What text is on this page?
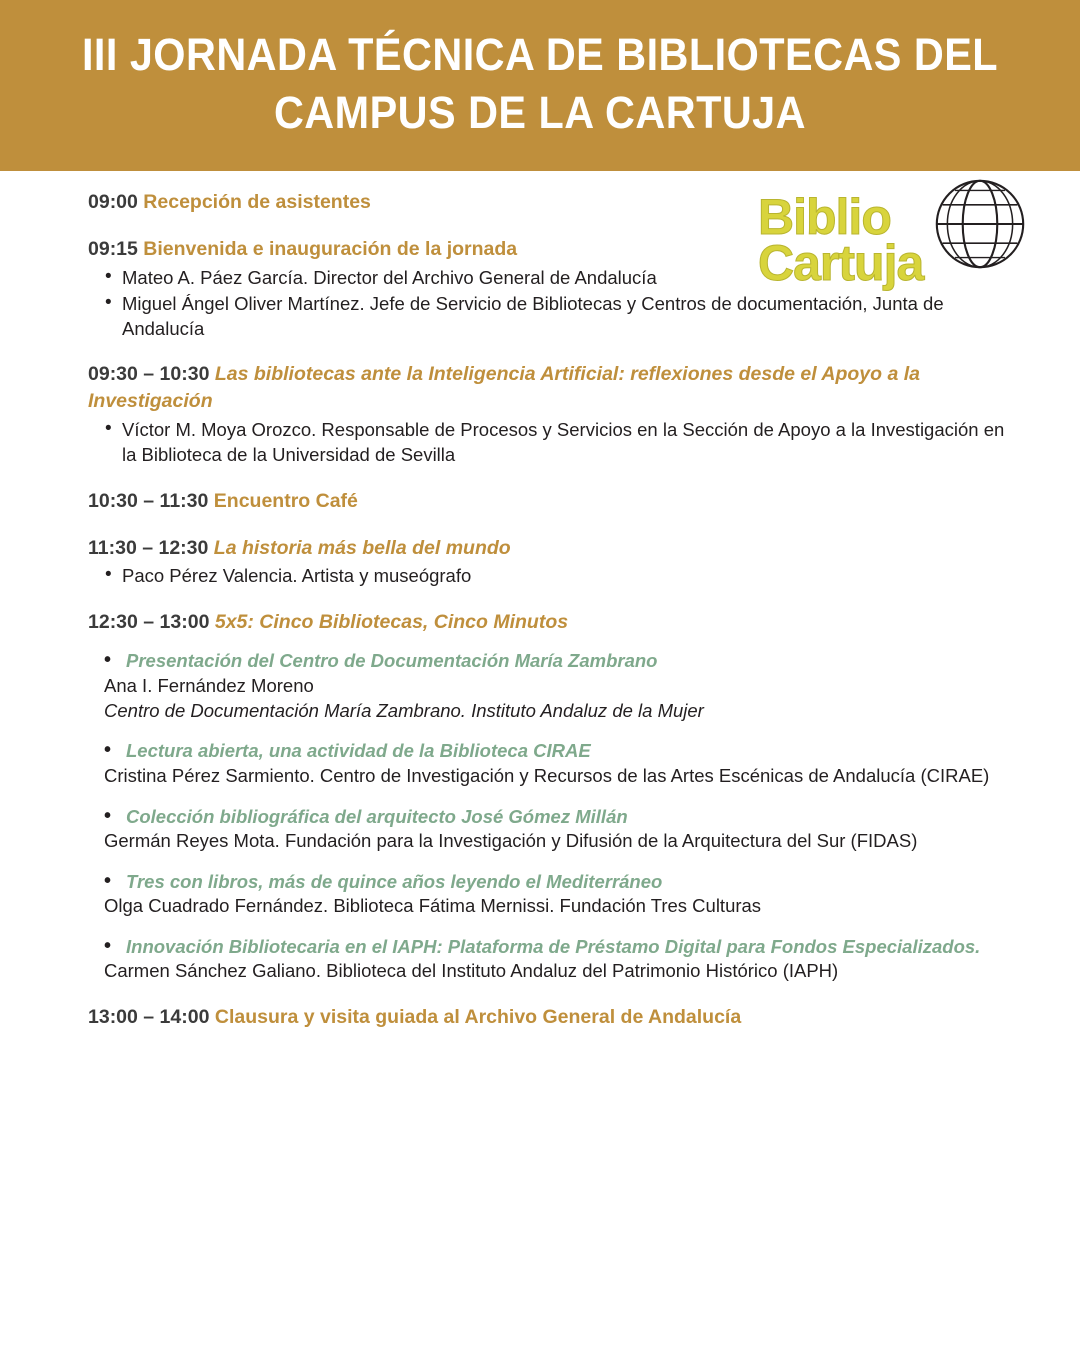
III JORNADA TÉCNICA DE BIBLIOTECAS DEL CAMPUS DE LA CARTUJA
Biblio
Cartuja
09:00 Recepción de asistentes
09:15 Bienvenida e inauguración de la jornada
• Mateo A. Páez García. Director del Archivo General de Andalucía
• Miguel Ángel Oliver Martínez. Jefe de Servicio de Bibliotecas y Centros de documentación, Junta de Andalucía
09:30 – 10:30 Las bibliotecas ante la Inteligencia Artificial: reflexiones desde el Apoyo a la Investigación
• Víctor M. Moya Orozco. Responsable de Procesos y Servicios en la Sección de Apoyo a la Investigación en la Biblioteca de la Universidad de Sevilla
10:30 – 11:30 Encuentro Café
11:30 – 12:30 La historia más bella del mundo
• Paco Pérez Valencia. Artista y museógrafo
12:30 – 13:00 5x5: Cinco Bibliotecas, Cinco Minutos
• Presentación del Centro de Documentación María Zambrano
Ana I. Fernández Moreno
Centro de Documentación María Zambrano. Instituto Andaluz de la Mujer
• Lectura abierta, una actividad de la Biblioteca CIRAE
Cristina Pérez Sarmiento. Centro de Investigación y Recursos de las Artes Escénicas de Andalucía (CIRAE)
• Colección bibliográfica del arquitecto José Gómez Millán
Germán Reyes Mota. Fundación para la Investigación y Difusión de la Arquitectura del Sur (FIDAS)
• Tres con libros, más de quince años leyendo el Mediterráneo
Olga Cuadrado Fernández. Biblioteca Fátima Mernissi. Fundación Tres Culturas
• Innovación Bibliotecaria en el IAPH: Plataforma de Préstamo Digital para Fondos Especializados.
Carmen Sánchez Galiano. Biblioteca del Instituto Andaluz del Patrimonio Histórico (IAPH)
13:00 – 14:00 Clausura y visita guiada al Archivo General de Andalucía
